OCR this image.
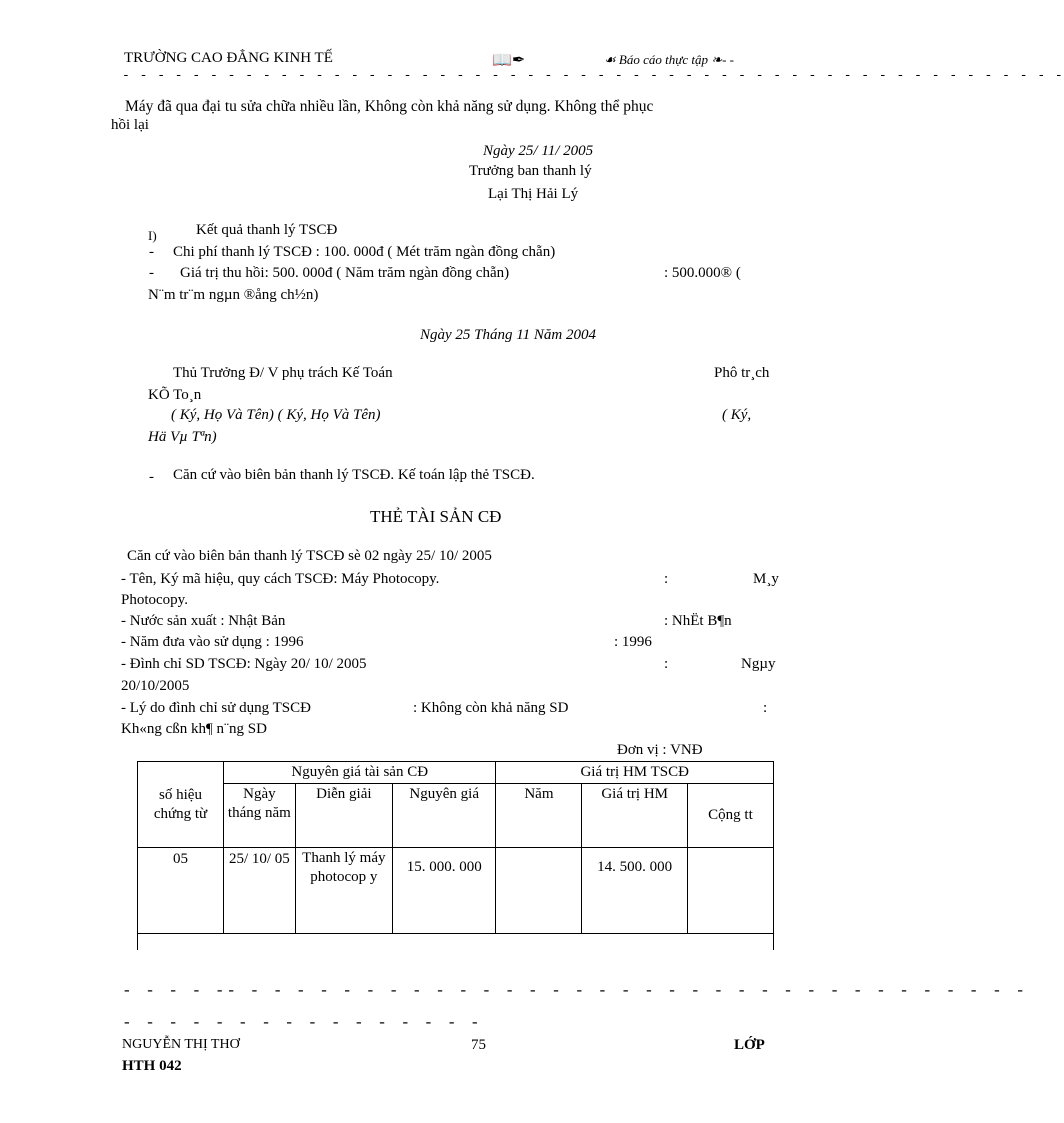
TRƯỜNG CAO ĐẲNG KINH TẾ	📖✒	☙ Báo cáo thực tập ❧- -
- - - - - - - - - - - - - - - - - - - - - - - - - - - - - - - - - - - - - - - - - - - - - - - - - - - - - -
Máy đã qua đại tu sửa chữa nhiều lần, Không còn khả năng sử dụng. Không thể phục
hồi lại
Ngày 25/ 11/ 2005
Trưởng ban thanh lý
Lại Thị Hải Lý
I)	Kết quả thanh lý TSCĐ
- Chi phí thanh lý TSCĐ : 100. 000đ ( Mét trăm ngàn đồng chẵn)
- Giá trị thu hồi: 500. 000đ ( Năm trăm ngàn đồng chẵn)	: 500.000® (
N¨m tr¨m ngµn ®ång ch½n)
Ngày 25 Tháng 11 Năm 2004
Thủ Trưởng Đ/ V phụ trách Kế Toán	Phô tr¸ch
KÕ To¸n
( Ký, Họ Và Tên) ( Ký, Họ Và Tên)	( Ký,
Hä Vµ Tªn)
- Căn cứ vào biên bản thanh lý TSCĐ. Kế toán lập thẻ TSCĐ.
THẺ TÀI SẢN CĐ
Căn cứ vào biên bản thanh lý TSCĐ sè 02 ngày 25/ 10/ 2005
- Tên, Ký mã hiệu, quy cách TSCĐ: Máy Photocopy.	:	M¸y
Photocopy.
- Nước sản xuất : Nhật Bản	: NhËt B¶n
- Năm đưa vào sử dụng : 1996	: 1996
- Đình chỉ SD TSCĐ: Ngày 20/ 10/ 2005	:	Ngµy
20/10/2005
- Lý do đình chỉ sử dụng TSCĐ	: Không còn khả năng SD	:
Kh«ng cßn kh¶ n¨ng SD
Đơn vị : VNĐ
số hiệu chứng từ	Nguyên giá tài sản CĐ			Giá trị HM TSCĐ		
	Ngày tháng năm	Diễn giải	Nguyên giá	Năm	Giá trị HM	Cộng tt
05	25/ 10/ 05	Thanh lý máy photocop y	15. 000. 000		14. 500. 000	

- - - - -- - - - - - - - - - - - - - - - - - - - - - - - - - - - - - - - - - -
- - - - - - - - - - - - - - - -
NGUYỄN THỊ THƠ	75	LỚP
HTH 042
